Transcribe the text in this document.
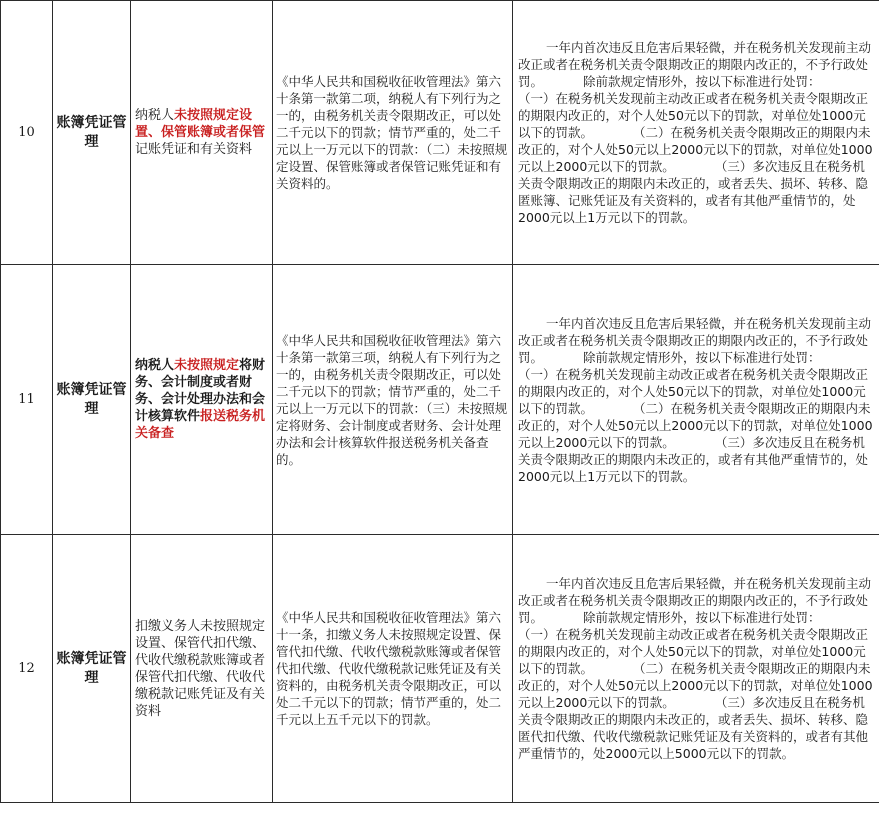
10	账簿凭证管理	纳税人未按照规定设置、保管账簿或者保管记账凭证和有关资料	《中华人民共和国税收征收管理法》第六十条第一款第二项，纳税人有下列行为之一的，由税务机关责令限期改正，可以处二千元以下的罚款；情节严重的，处二千元以上一万元以下的罚款：（二）未按照规定设置、保管账簿或者保管记账凭证和有关资料的。	一年内首次违反且危害后果轻微，并在税务机关发现前主动改正或者在税务机关责令限期改正的期限内改正的，不予行政处罚。 除前款规定情形外，按以下标准进行处罚：（一）在税务机关发现前主动改正或者在税务机关责令限期改正的期限内改正的，对个人处50元以下的罚款，对单位处1000元以下的罚款。 （二）在税务机关责令限期改正的期限内未改正的，对个人处50元以上2000元以下的罚款，对单位处1000元以上2000元以下的罚款。 （三）多次违反且在税务机关责令限期改正的期限内未改正的，或者丢失、损坏、转移、隐匿账簿、记账凭证及有关资料的，或者有其他严重情节的，处2000元以上1万元以下的罚款。

11	账簿凭证管理	纳税人未按照规定将财务、会计制度或者财务、会计处理办法和会计核算软件报送税务机关备查	《中华人民共和国税收征收管理法》第六十条第一款第三项，纳税人有下列行为之一的，由税务机关责令限期改正，可以处二千元以下的罚款；情节严重的，处二千元以上一万元以下的罚款：（三）未按照规定将财务、会计制度或者财务、会计处理办法和会计核算软件报送税务机关备查的。	一年内首次违反且危害后果轻微，并在税务机关发现前主动改正或者在税务机关责令限期改正的期限内改正的，不予行政处罚。 除前款规定情形外，按以下标准进行处罚：（一）在税务机关发现前主动改正或者在税务机关责令限期改正的期限内改正的，对个人处50元以下的罚款，对单位处1000元以下的罚款。 （二）在税务机关责令限期改正的期限内未改正的，对个人处50元以上2000元以下的罚款，对单位处1000元以上2000元以下的罚款。 （三）多次违反且在税务机关责令限期改正的期限内未改正的，或者有其他严重情节的，处2000元以上1万元以下的罚款。

12	账簿凭证管理	扣缴义务人未按照规定设置、保管代扣代缴、代收代缴税款账簿或者保管代扣代缴、代收代缴税款记账凭证及有关资料	《中华人民共和国税收征收管理法》第六十一条，扣缴义务人未按照规定设置、保管代扣代缴、代收代缴税款账簿或者保管代扣代缴、代收代缴税款记账凭证及有关资料的，由税务机关责令限期改正，可以处二千元以下的罚款；情节严重的，处二千元以上五千元以下的罚款。	一年内首次违反且危害后果轻微，并在税务机关发现前主动改正或者在税务机关责令限期改正的期限内改正的，不予行政处罚。 除前款规定情形外，按以下标准进行处罚：（一）在税务机关发现前主动改正或者在税务机关责令限期改正的期限内改正的，对个人处50元以下的罚款，对单位处1000元以下的罚款。 （二）在税务机关责令限期改正的期限内未改正的，对个人处50元以上2000元以下的罚款，对单位处1000元以上2000元以下的罚款。 （三）多次违反且在税务机关责令限期改正的期限内未改正的，或者丢失、损坏、转移、隐匿代扣代缴、代收代缴税款记账凭证及有关资料的，或者有其他严重情节的，处2000元以上5000元以下的罚款。
